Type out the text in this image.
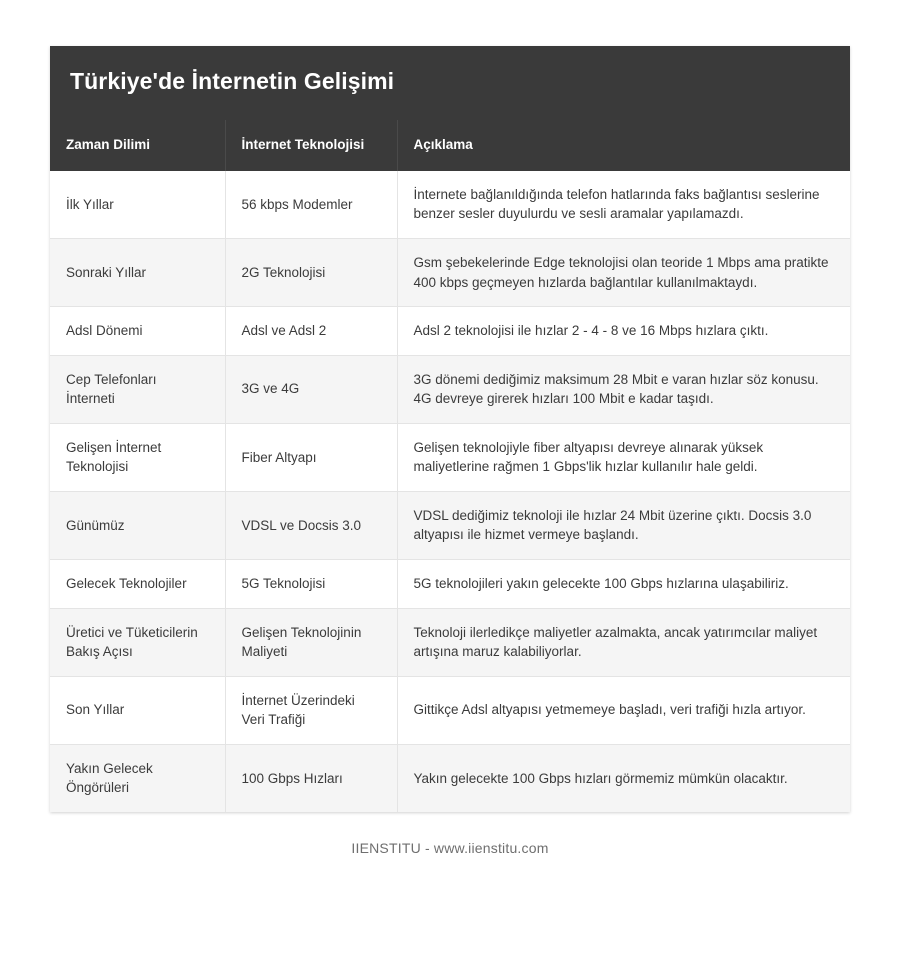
Türkiye'de İnternetin Gelişimi
Zaman Dilimi	İnternet Teknolojisi	Açıklama
İlk Yıllar	56 kbps Modemler	İnternete bağlanıldığında telefon hatlarında faks bağlantısı seslerine benzer sesler duyulurdu ve sesli aramalar yapılamazdı.
Sonraki Yıllar	2G Teknolojisi	Gsm şebekelerinde Edge teknolojisi olan teoride 1 Mbps ama pratikte 400 kbps geçmeyen hızlarda bağlantılar kullanılmaktaydı.
Adsl Dönemi	Adsl ve Adsl 2	Adsl 2 teknolojisi ile hızlar 2 - 4 - 8 ve 16 Mbps hızlara çıktı.
Cep Telefonları İnterneti	3G ve 4G	3G dönemi dediğimiz maksimum 28 Mbit e varan hızlar söz konusu. 4G devreye girerek hızları 100 Mbit e kadar taşıdı.
Gelişen İnternet Teknolojisi	Fiber Altyapı	Gelişen teknolojiyle fiber altyapısı devreye alınarak yüksek maliyetlerine rağmen 1 Gbps'lik hızlar kullanılır hale geldi.
Günümüz	VDSL ve Docsis 3.0	VDSL dediğimiz teknoloji ile hızlar 24 Mbit üzerine çıktı. Docsis 3.0 altyapısı ile hizmet vermeye başlandı.
Gelecek Teknolojiler	5G Teknolojisi	5G teknolojileri yakın gelecekte 100 Gbps hızlarına ulaşabiliriz.
Üretici ve Tüketicilerin Bakış Açısı	Gelişen Teknolojinin Maliyeti	Teknoloji ilerledikçe maliyetler azalmakta, ancak yatırımcılar maliyet artışına maruz kalabiliyorlar.
Son Yıllar	İnternet Üzerindeki Veri Trafiği	Gittikçe Adsl altyapısı yetmemeye başladı, veri trafiği hızla artıyor.
Yakın Gelecek Öngörüleri	100 Gbps Hızları	Yakın gelecekte 100 Gbps hızları görmemiz mümkün olacaktır.
IIENSTITU - www.iienstitu.com
